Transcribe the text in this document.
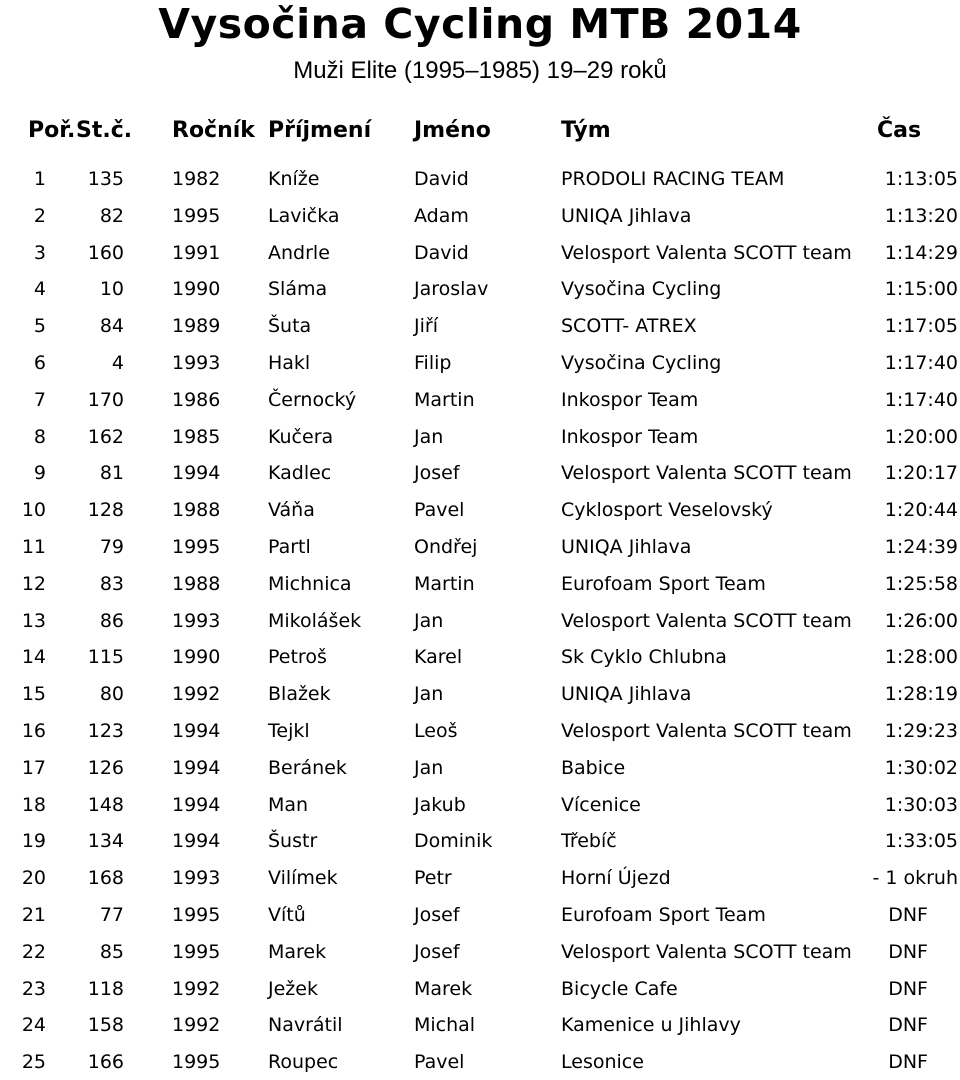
Vysočina Cycling MTB 2014
Muži Elite (1995–1985) 19–29 roků
Poř. St.č. Ročník Příjmení Jméno	Tým	Čas
1	135	1982	Kníže	David	PRODOLI RACING TEAM	1:13:05
2	82	1995	Lavička	Adam	UNIQA Jihlava	1:13:20
3	160	1991	Andrle	David	Velosport Valenta SCOTT team	1:14:29
4	10	1990	Sláma	Jaroslav	Vysočina Cycling	1:15:00
5	84	1989	Šuta	Jiří	SCOTT- ATREX	1:17:05
6	4	1993	Hakl	Filip	Vysočina Cycling	1:17:40
7	170	1986	Černocký	Martin	Inkospor Team	1:17:40
8	162	1985	Kučera	Jan	Inkospor Team	1:20:00
9	81	1994	Kadlec	Josef	Velosport Valenta SCOTT team	1:20:17
10	128	1988	Váňa	Pavel	Cyklosport Veselovský	1:20:44
11	79	1995	Partl	Ondřej	UNIQA Jihlava	1:24:39
12	83	1988	Michnica	Martin	Eurofoam Sport Team	1:25:58
13	86	1993	Mikolášek	Jan	Velosport Valenta SCOTT team	1:26:00
14	115	1990	Petroš	Karel	Sk Cyklo Chlubna	1:28:00
15	80	1992	Blažek	Jan	UNIQA Jihlava	1:28:19
16	123	1994	Tejkl	Leoš	Velosport Valenta SCOTT team	1:29:23
17	126	1994	Beránek	Jan	Babice	1:30:02
18	148	1994	Man	Jakub	Vícenice	1:30:03
19	134	1994	Šustr	Dominik	Třebíč	1:33:05
20	168	1993	Vilímek	Petr	Horní Újezd	- 1 okruh
21	77	1995	Vítů	Josef	Eurofoam Sport Team	DNF
22	85	1995	Marek	Josef	Velosport Valenta SCOTT team DNF
23	118	1992	Ježek	Marek	Bicycle Cafe	DNF
24	158	1992	Navrátil	Michal	Kamenice u Jihlavy	DNF
25	166	1995	Roupec	Pavel	Lesonice	DNF
